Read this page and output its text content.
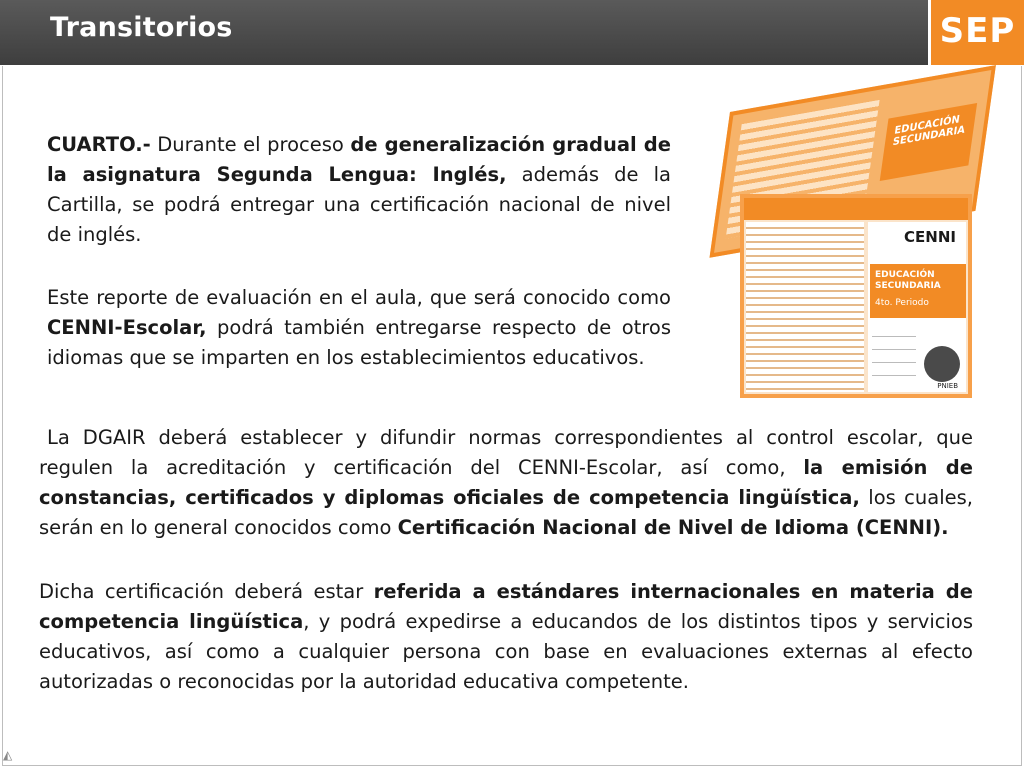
Transitorios	SEP

CUARTO.- Durante el proceso de generalización gradual de la asignatura Segunda Lengua: Inglés, además de la Cartilla, se podrá entregar una certificación nacional de nivel de inglés.

Este reporte de evaluación en el aula, que será conocido como CENNI-Escolar, podrá también entregarse respecto de otros idiomas que se imparten en los establecimientos educativos.

La DGAIR deberá establecer y difundir normas correspondientes al control escolar, que regulen la acreditación y certificación del CENNI-Escolar, así como, la emisión de constancias, certificados y diplomas oficiales de competencia lingüística, los cuales, serán en lo general conocidos como Certificación Nacional de Nivel de Idioma (CENNI).

Dicha certificación deberá estar referida a estándares internacionales en materia de competencia lingüística, y podrá expedirse a educandos de los distintos tipos y servicios educativos, así como a cualquier persona con base en evaluaciones externas al efecto autorizadas o reconocidas por la autoridad educativa competente.

EDUCACIÓN SECUNDARIA
CENNI
EDUCACIÓN SECUNDARIA
4to. Periodo
PNIEB
◭
